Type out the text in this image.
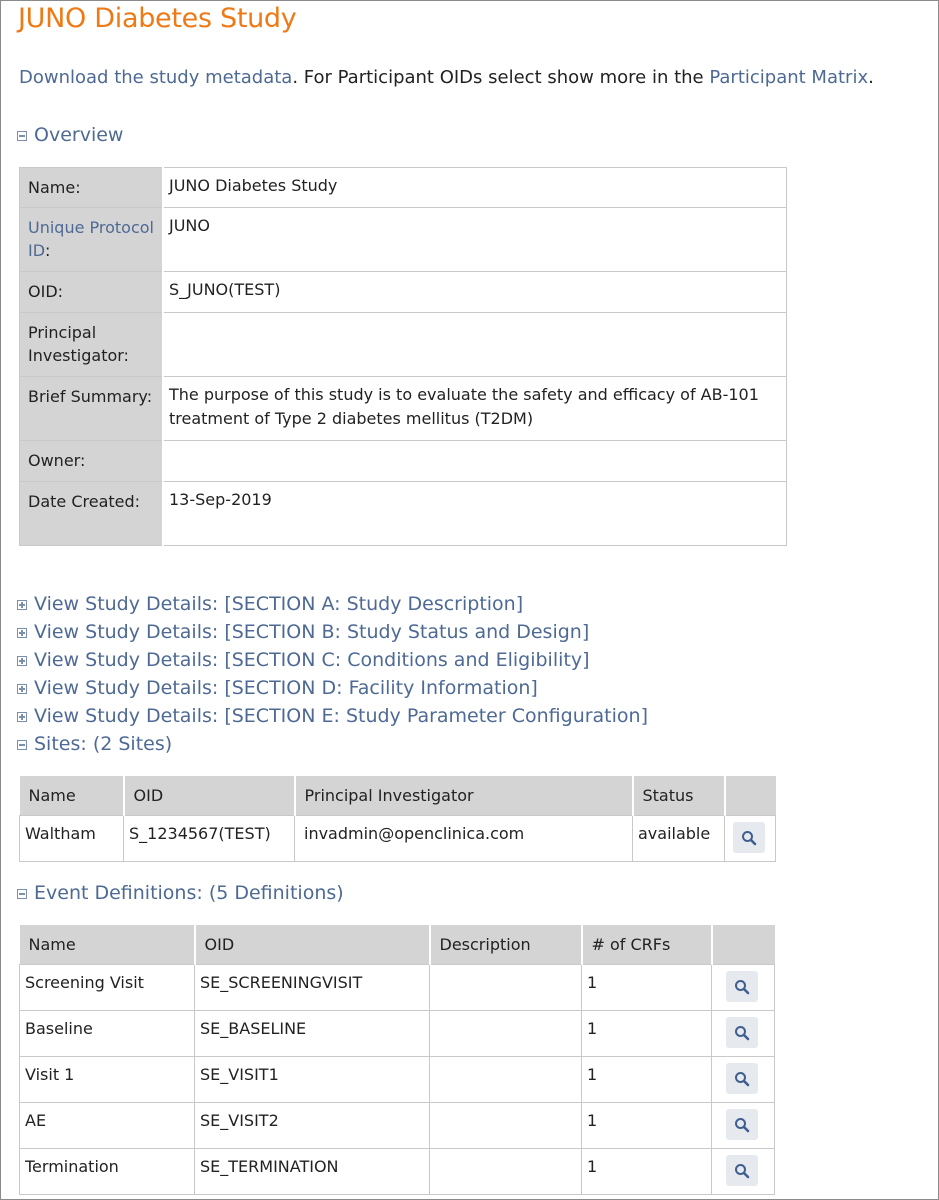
JUNO Diabetes Study
Download the study metadata. For Participant OIDs select show more in the Participant Matrix.
Overview
Name:	JUNO Diabetes Study
Unique Protocol ID:	JUNO
OID:	S_JUNO(TEST)
Principal Investigator:	
Brief Summary:	The purpose of this study is to evaluate the safety and efficacy of AB-101 treatment of Type 2 diabetes mellitus (T2DM)
Owner:	
Date Created:	13-Sep-2019
View Study Details: [SECTION A: Study Description]
View Study Details: [SECTION B: Study Status and Design]
View Study Details: [SECTION C: Conditions and Eligibility]
View Study Details: [SECTION D: Facility Information]
View Study Details: [SECTION E: Study Parameter Configuration]
Sites: (2 Sites)
Name	OID	Principal Investigator	Status	
Waltham	S_1234567(TEST)	invadmin@openclinica.com	available	
Event Definitions: (5 Definitions)
Name	OID	Description	# of CRFs	
Screening Visit	SE_SCREENINGVISIT		1	

Baseline	SE_BASELINE		1	

Visit 1	SE_VISIT1		1	

AE	SE_VISIT2		1	

Termination	SE_TERMINATION		1	
